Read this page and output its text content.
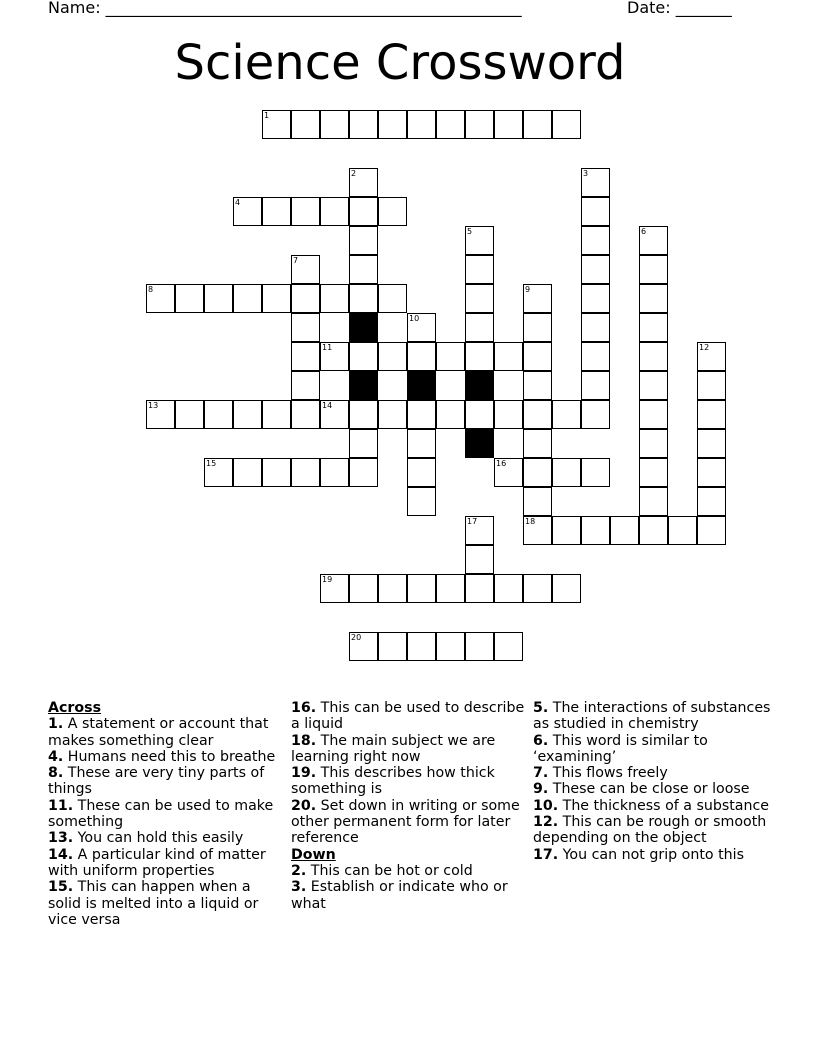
Name: ____________________________________________________	Date: _______
Science Crossword
1
2	3
4
5	6
7
8	9
10
11	12
13	14
15	16
17	18
19
20
Across
1. A statement or account that makes something clear
4. Humans need this to breathe
8. These are very tiny parts of things
11. These can be used to make something
13. You can hold this easily
14. A particular kind of matter with uniform properties
15. This can happen when a solid is melted into a liquid or vice versa
16. This can be used to describe a liquid
18. The main subject we are learning right now
19. This describes how thick something is
20. Set down in writing or some other permanent form for later reference
Down
2. This can be hot or cold
3. Establish or indicate who or what
5. The interactions of substances as studied in chemistry
6. This word is similar to ‘examining’
7. This flows freely
9. These can be close or loose
10. The thickness of a substance
12. This can be rough or smooth depending on the object
17. You can not grip onto this
